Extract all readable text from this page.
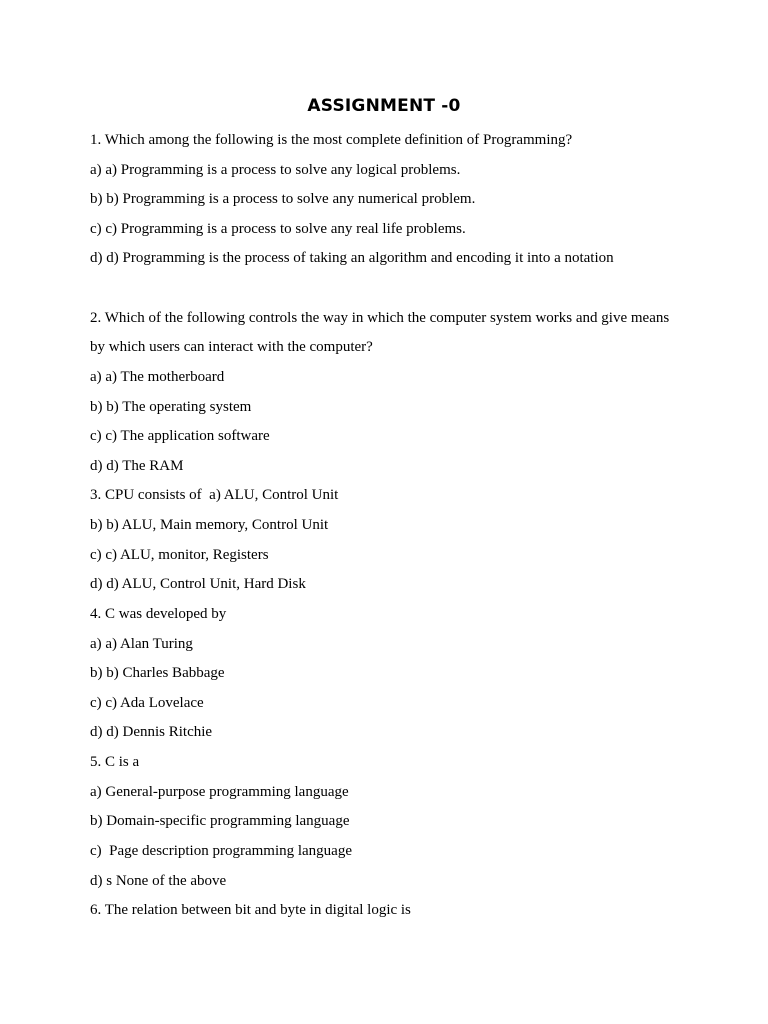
ASSIGNMENT -0
1. Which among the following is the most complete definition of Programming?
a) a) Programming is a process to solve any logical problems.
b) b) Programming is a process to solve any numerical problem.
c) c) Programming is a process to solve any real life problems.
d) d) Programming is the process of taking an algorithm and encoding it into a notation
2. Which of the following controls the way in which the computer system works and give means
by which users can interact with the computer?
a) a) The motherboard
b) b) The operating system
c) c) The application software
d) d) The RAM
3. CPU consists of  a) ALU, Control Unit
b) b) ALU, Main memory, Control Unit
c) c) ALU, monitor, Registers
d) d) ALU, Control Unit, Hard Disk
4. C was developed by
a) a) Alan Turing
b) b) Charles Babbage
c) c) Ada Lovelace
d) d) Dennis Ritchie
5. C is a
a) General-purpose programming language
b) Domain-specific programming language
c)  Page description programming language
d) s None of the above
6. The relation between bit and byte in digital logic is
